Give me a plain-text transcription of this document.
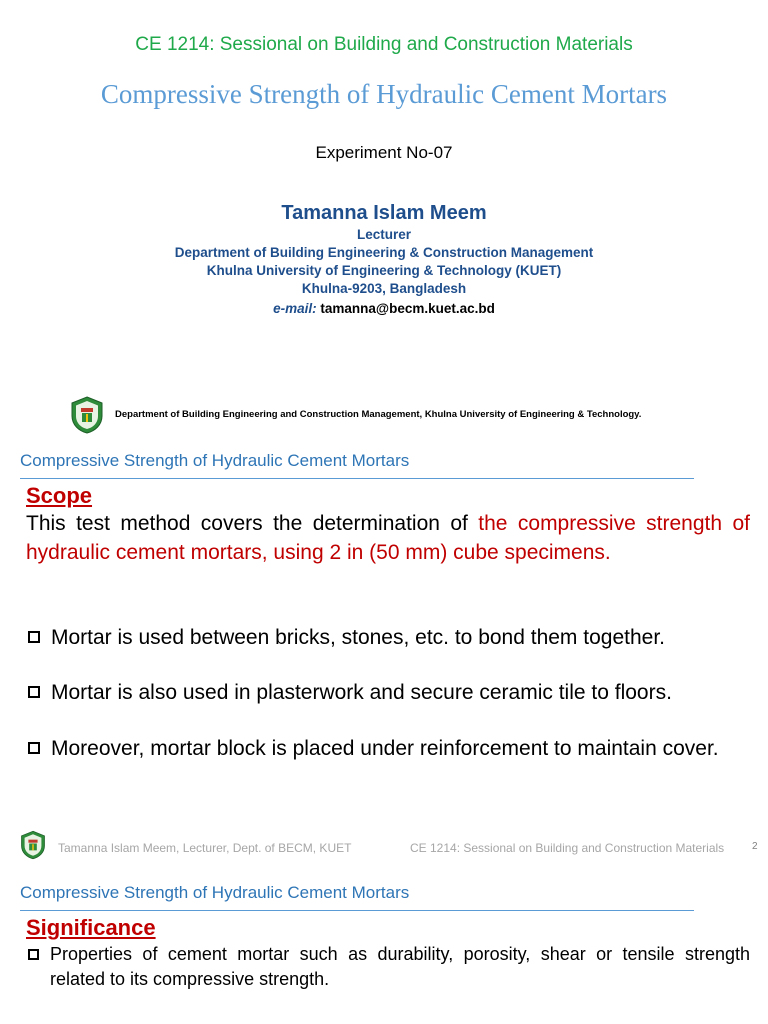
CE 1214: Sessional on Building and Construction Materials
Compressive Strength of Hydraulic Cement Mortars
Experiment No-07
Tamanna Islam Meem
Lecturer
Department of Building Engineering & Construction Management
Khulna University of Engineering & Technology (KUET)
Khulna-9203, Bangladesh
e-mail: tamanna@becm.kuet.ac.bd
Department of Building Engineering and Construction Management, Khulna University of Engineering & Technology.
Compressive Strength of Hydraulic Cement Mortars
Scope
This test method covers the determination of the compressive strength of hydraulic cement mortars, using 2 in (50 mm) cube specimens.
Mortar is used between bricks, stones, etc. to bond them together.
Mortar is also used in plasterwork and secure ceramic tile to floors.
Moreover, mortar block is placed under reinforcement to maintain cover.
Tamanna Islam Meem, Lecturer, Dept. of BECM, KUET	CE 1214: Sessional on Building and Construction Materials	2
Compressive Strength of Hydraulic Cement Mortars
Significance
Properties of cement mortar such as durability, porosity, shear or tensile strength related to its compressive strength.
